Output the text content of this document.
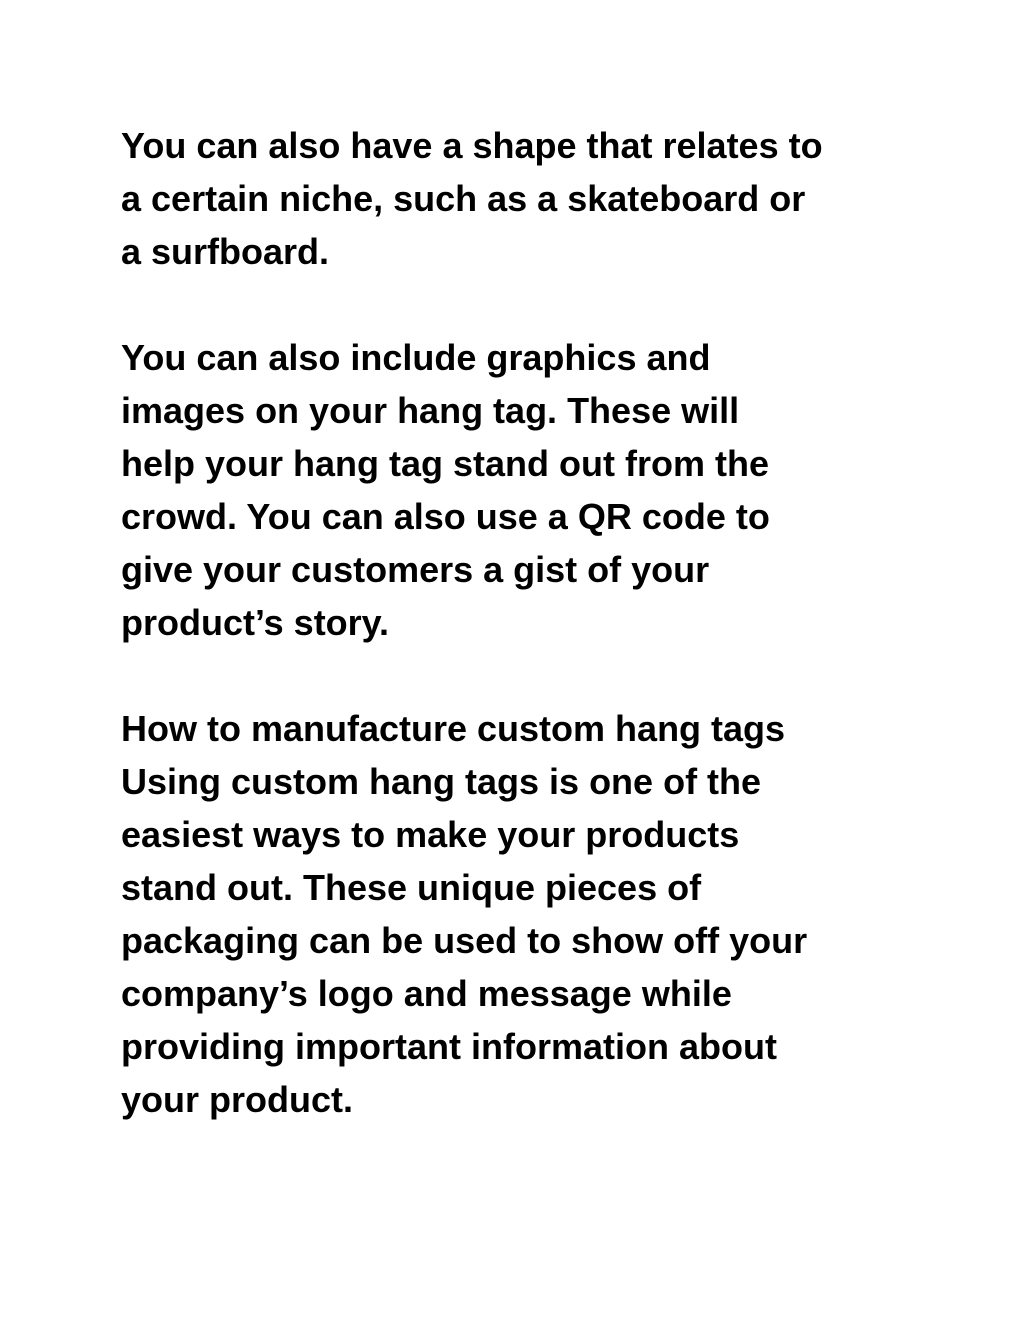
You can also have a shape that relates to
a certain niche, such as a skateboard or
a surfboard.

You can also include graphics and
images on your hang tag. These will
help your hang tag stand out from the
crowd. You can also use a QR code to
give your customers a gist of your
product’s story.

How to manufacture custom hang tags
Using custom hang tags is one of the
easiest ways to make your products
stand out. These unique pieces of
packaging can be used to show off your
company’s logo and message while
providing important information about
your product.
